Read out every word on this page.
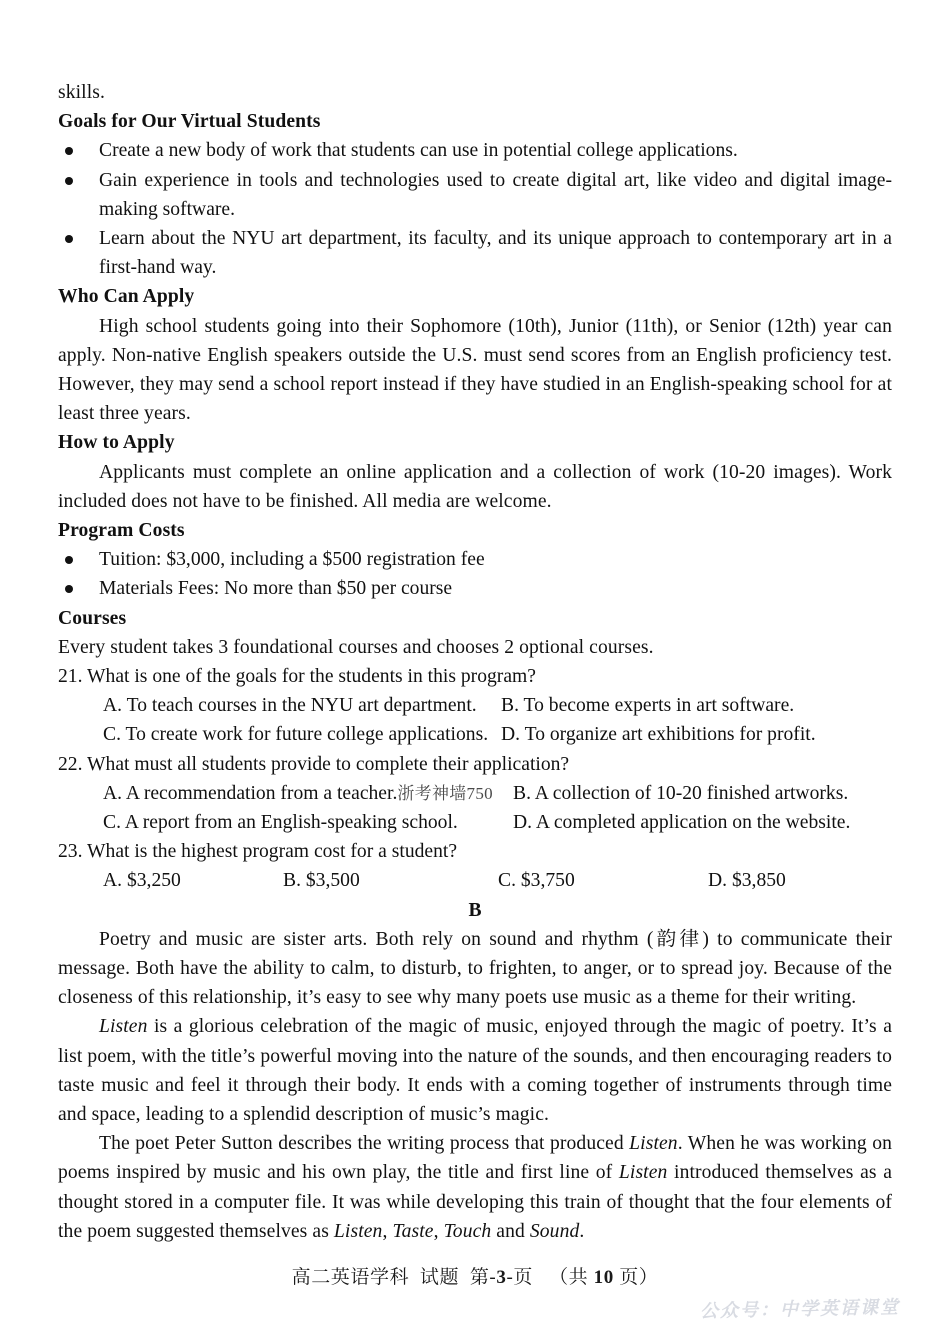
skills.

Goals for Our Virtual Students

Create a new body of work that students can use in potential college applications.
Gain experience in tools and technologies used to create digital art, like video and digital image-making software.
Learn about the NYU art department, its faculty, and its unique approach to contemporary art in a first-hand way.

Who Can Apply

High school students going into their Sophomore (10th), Junior (11th), or Senior (12th) year can apply. Non-native English speakers outside the U.S. must send scores from an English proficiency test. However, they may send a school report instead if they have studied in an English-speaking school for at least three years.

How to Apply

Applicants must complete an online application and a collection of work (10-20 images). Work included does not have to be finished. All media are welcome.

Program Costs

Tuition: $3,000, including a $500 registration fee
Materials Fees: No more than $50 per course

Courses

Every student takes 3 foundational courses and chooses 2 optional courses.

21. What is one of the goals for the students in this program?

A. To teach courses in the NYU art department. B. To become experts in art software.
C. To create work for future college applications. D. To organize art exhibitions for profit.

22. What must all students provide to complete their application?

A. A recommendation from a teacher.浙考神墙750 B. A collection of 10-20 finished artworks.
C. A report from an English-speaking school.	D. A completed application on the website.

23. What is the highest program cost for a student?

A. $3,250	B. $3,500	C. $3,750	D. $3,850

B

Poetry and music are sister arts. Both rely on sound and rhythm (韵律) to communicate their message. Both have the ability to calm, to disturb, to frighten, to anger, or to spread joy. Because of the closeness of this relationship, it’s easy to see why many poets use music as a theme for their writing.

Listen is a glorious celebration of the magic of music, enjoyed through the magic of poetry. It’s a list poem, with the title’s powerful moving into the nature of the sounds, and then encouraging readers to taste music and feel it through their body. It ends with a coming together of instruments through time and space, leading to a splendid description of music’s magic.

The poet Peter Sutton describes the writing process that produced Listen. When he was working on poems inspired by music and his own play, the title and first line of Listen introduced themselves as a thought stored in a computer file. It was while developing this train of thought that the four elements of the poem suggested themselves as Listen, Taste, Touch and Sound.

高二英语学科 试题 第-3-页 （共 10 页）
公众号：中学英语课堂
